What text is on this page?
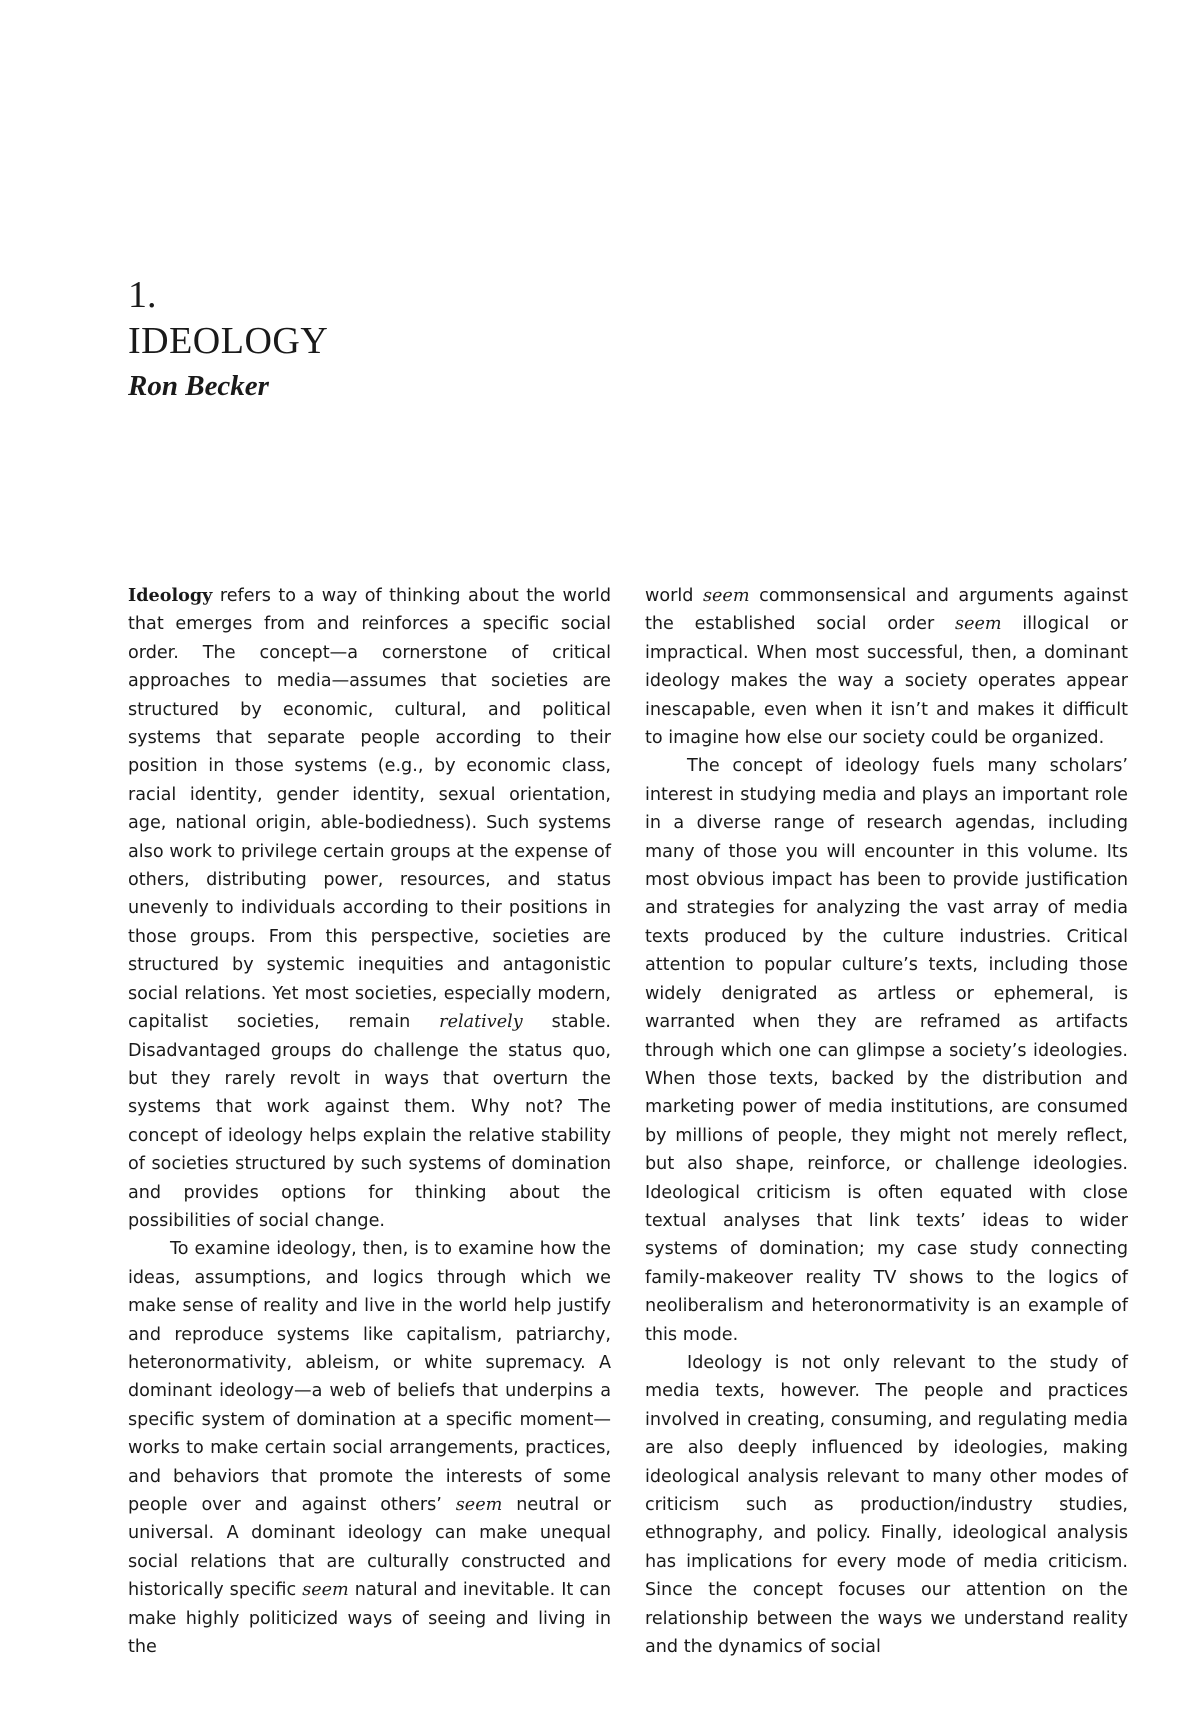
1.
IDEOLOGY
Ron Becker

Ideology refers to a way of thinking about the world that emerges from and reinforces a specific social order. The concept—a cornerstone of critical approaches to media—assumes that societies are structured by economic, cultural, and political systems that separate people according to their position in those systems (e.g., by economic class, racial identity, gender identity, sexual orientation, age, national origin, able-bodiedness). Such systems also work to privilege certain groups at the expense of others, distributing power, resources, and status unevenly to individuals according to their positions in those groups. From this perspective, societies are structured by systemic inequities and antagonistic social relations. Yet most societies, especially modern, capitalist societies, remain relatively stable. Disadvantaged groups do challenge the status quo, but they rarely revolt in ways that overturn the systems that work against them. Why not? The concept of ideology helps explain the relative stability of societies structured by such systems of domination and provides options for thinking about the possibilities of social change.

To examine ideology, then, is to examine how the ideas, assumptions, and logics through which we make sense of reality and live in the world help justify and reproduce systems like capitalism, patriarchy, heteronormativity, ableism, or white supremacy. A dominant ideology—a web of beliefs that underpins a specific system of domination at a specific moment—works to make certain social arrangements, practices, and behaviors that promote the interests of some people over and against others’ seem neutral or universal. A dominant ideology can make unequal social relations that are culturally constructed and historically specific seem natural and inevitable. It can make highly politicized ways of seeing and living in the

world seem commonsensical and arguments against the established social order seem illogical or impractical. When most successful, then, a dominant ideology makes the way a society operates appear inescapable, even when it isn’t and makes it difficult to imagine how else our society could be organized.

The concept of ideology fuels many scholars’ interest in studying media and plays an important role in a diverse range of research agendas, including many of those you will encounter in this volume. Its most obvious impact has been to provide justification and strategies for analyzing the vast array of media texts produced by the culture industries. Critical attention to popular culture’s texts, including those widely denigrated as artless or ephemeral, is warranted when they are reframed as artifacts through which one can glimpse a society’s ideologies. When those texts, backed by the distribution and marketing power of media institutions, are consumed by millions of people, they might not merely reflect, but also shape, reinforce, or challenge ideologies. Ideological criticism is often equated with close textual analyses that link texts’ ideas to wider systems of domination; my case study connecting family-makeover reality TV shows to the logics of neoliberalism and heteronormativity is an example of this mode.

Ideology is not only relevant to the study of media texts, however. The people and practices involved in creating, consuming, and regulating media are also deeply influenced by ideologies, making ideological analysis relevant to many other modes of criticism such as production/industry studies, ethnography, and policy. Finally, ideological analysis has implications for every mode of media criticism. Since the concept focuses our attention on the relationship between the ways we understand reality and the dynamics of social
